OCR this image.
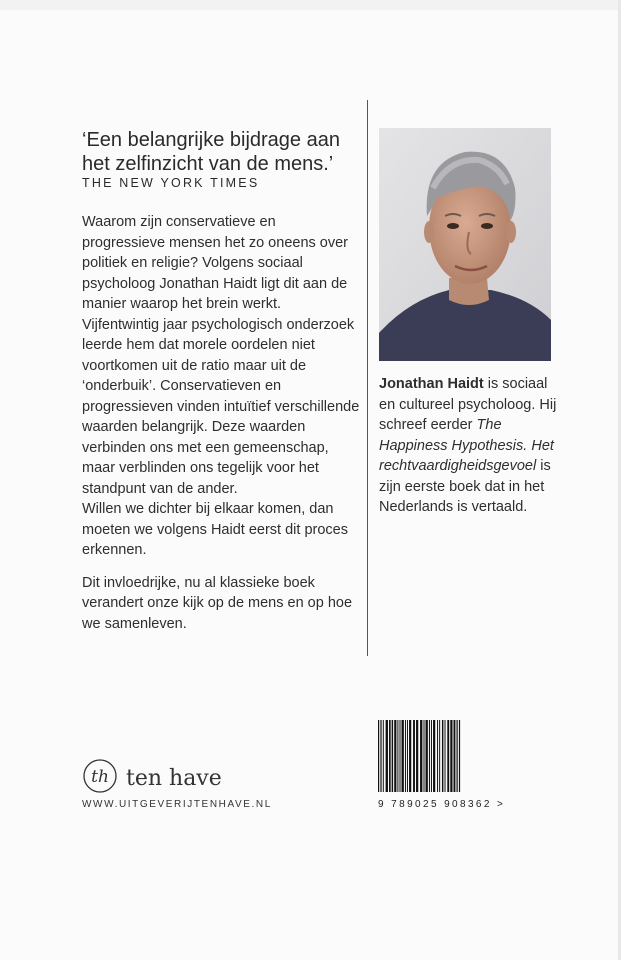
‘Een belangrijke bijdrage aan
het zelfinzicht van de mens.’
THE NEW YORK TIMES

Waarom zijn conservatieve en progressieve mensen het zo oneens over politiek en religie? Volgens sociaal psycholoog Jonathan Haidt ligt dit aan de manier waarop het brein werkt. Vijfentwintig jaar psychologisch onderzoek leerde hem dat morele oordelen niet voortkomen uit de ratio maar uit de ‘onderbuik’. Conservatieven en progressieven vinden intuïtief verschillende waarden belangrijk. Deze waarden verbinden ons met een gemeenschap, maar verblinden ons tegelijk voor het standpunt van de ander.

Willen we dichter bij elkaar komen, dan moeten we volgens Haidt eerst dit proces erkennen.

Dit invloedrijke, nu al klassieke boek verandert onze kijk op de mens en op hoe we samenleven.

Jonathan Haidt is sociaal en cultureel psycholoog. Hij schreef eerder The Happiness Hypothesis. Het rechtvaardigheidsgevoel is zijn eerste boek dat in het Nederlands is vertaald.
th ten have
WWW.UITGEVERIJTENHAVE.NL	9 789025 908362 >
